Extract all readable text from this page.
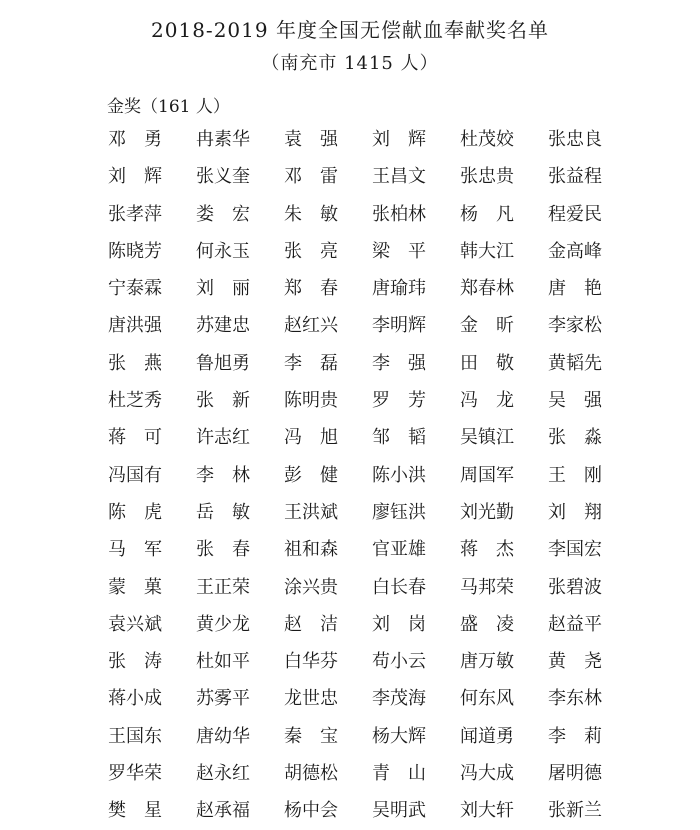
2018-2019 年度全国无偿献血奉献奖名单
（南充市 1415 人）
金奖（161 人）
邓　勇	冉素华	袁　强	刘　辉	杜茂姣	张忠良
刘　辉	张义奎	邓　雷	王昌文	张忠贵	张益程
张孝萍	娄　宏	朱　敏	张柏林	杨　凡	程爱民
陈晓芳	何永玉	张　亮	梁　平	韩大江	金高峰
宁泰霖	刘　丽	郑　春	唐瑜玮	郑春林	唐　艳
唐洪强	苏建忠	赵红兴	李明辉	金　昕	李家松
张　燕	鲁旭勇	李　磊	李　强	田　敬	黄韬先
杜芝秀	张　新	陈明贵	罗　芳	冯　龙	吴　强
蒋　可	许志红	冯　旭	邹　韬	吴镇江	张　淼
冯国有	李　林	彭　健	陈小洪	周国军	王　刚
陈　虎	岳　敏	王洪斌	廖钰洪	刘光勤	刘　翔
马　军	张　春	祖和森	官亚雄	蒋　杰	李国宏
蒙　菓	王正荣	涂兴贵	白长春	马邦荣	张碧波
袁兴斌	黄少龙	赵　洁	刘　岗	盛　凌	赵益平
张　涛	杜如平	白华芬	苟小云	唐万敏	黄　尧
蒋小成	苏雾平	龙世忠	李茂海	何东风	李东林
王国东	唐幼华	秦　宝	杨大辉	闻道勇	李　莉
罗华荣	赵永红	胡德松	青　山	冯大成	屠明德
樊　星	赵承福	杨中会	吴明武	刘大轩	张新兰
